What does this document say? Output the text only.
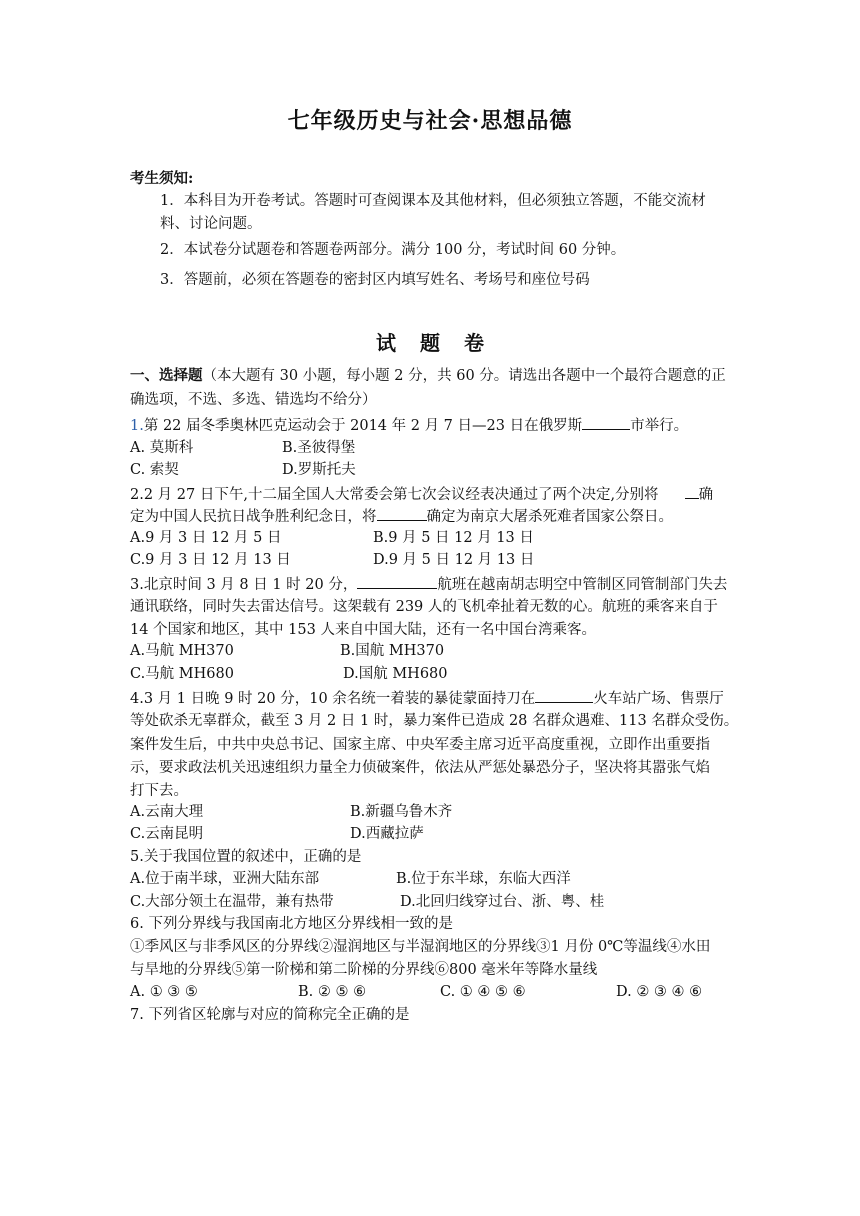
七年级历史与社会·思想品德
考生须知:
1．本科目为开卷考试。答题时可查阅课本及其他材料，但必须独立答题，不能交流材
料、讨论问题。
2．本试卷分试题卷和答题卷两部分。满分 100 分，考试时间 60 分钟。
3．答题前，必须在答题卷的密封区内填写姓名、考场号和座位号码
试题卷
一、选择题（本大题有 30 小题，每小题 2 分，共 60 分。请选出各题中一个最符合题意的正
确选项，不选、多选、错选均不给分）
1.第 22 届冬季奥林匹克运动会于 2014 年 2 月 7 日—23 日在俄罗斯	市举行。
A. 莫斯科	B.圣彼得堡
C. 索契	D.罗斯托夫
2.2 月 27 日下午,十二届全国人大常委会第七次会议经表决通过了两个决定,分别将	确
定为中国人民抗日战争胜利纪念日，将	确定为南京大屠杀死难者国家公祭日。
A.9 月 3 日 12 月 5 日	B.9 月 5 日 12 月 13 日
C.9 月 3 日 12 月 13 日	D.9 月 5 日 12 月 13 日
3.北京时间 3 月 8 日 1 时 20 分，	航班在越南胡志明空中管制区同管制部门失去
通讯联络，同时失去雷达信号。这架载有 239 人的飞机牵扯着无数的心。航班的乘客来自于
14 个国家和地区，其中 153 人来自中国大陆，还有一名中国台湾乘客。
A.马航 MH370	B.国航 MH370
C.马航 MH680	D.国航 MH680
4.3 月 1 日晚 9 时 20 分，10 余名统一着装的暴徒蒙面持刀在	火车站广场、售票厅
等处砍杀无辜群众，截至 3 月 2 日 1 时，暴力案件已造成 28 名群众遇难、113 名群众受伤。
案件发生后，中共中央总书记、国家主席、中央军委主席习近平高度重视，立即作出重要指
示，要求政法机关迅速组织力量全力侦破案件，依法从严惩处暴恐分子，坚决将其嚣张气焰
打下去。
A.云南大理	B.新疆乌鲁木齐
C.云南昆明	D.西藏拉萨
5.关于我国位置的叙述中，正确的是
A.位于南半球，亚洲大陆东部	B.位于东半球，东临大西洋
C.大部分领土在温带，兼有热带	D.北回归线穿过台、浙、粤、桂
6. 下列分界线与我国南北方地区分界线相一致的是
①季风区与非季风区的分界线②湿润地区与半湿润地区的分界线③1 月份 0℃等温线④水田
与旱地的分界线⑤第一阶梯和第二阶梯的分界线⑥800 毫米年等降水量线
A. ① ③ ⑤	B. ② ⑤ ⑥	C. ① ④ ⑤ ⑥	D. ② ③ ④ ⑥
7. 下列省区轮廓与对应的简称完全正确的是
